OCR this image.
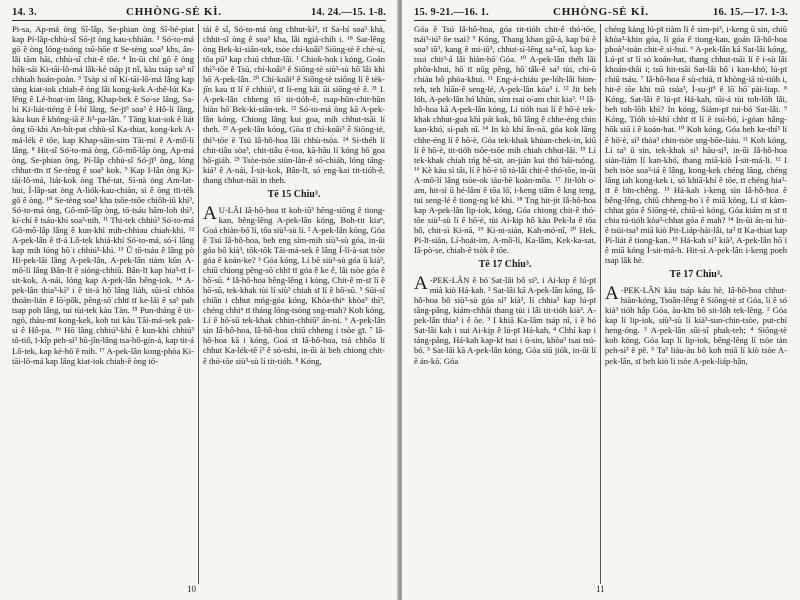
14. 3.	CHHÒNG-SÈ KÌ.	14. 24.—15. 1-8.

Pi-sa, Ap-má òng Sî-lâp, Se-phian òng Sî-bé-piat kap Pí-lâp-chhù-sî Só-jī òng kau-chhiàn. ³ Só͘-to-má gō͘ ê òng lóng-tsóng tsū-hōe tī Se-tèng soa³ khs, ân-lâi tām hāi, chhù-sî chit-ê tōe. ⁴ In-ūi chí gō͘ ê òng hōk-sāi Ki-tāi-lô-má lâk-kè tsàp jī nî, kàu tsàp sa³ nî chhiah hoán-poàn. ⁵ Tsàp sì nî Ki-tāi-lô-má lâng kap tàng kiat-iok chiah-ê òng lâi kong-kek A-thê-lút Ka-lêng ê Lé-hoat-im lâng, Khap-bek ê So͘-se lâng, Sa-bí Ki-liát-tiéng ê Í-bí lâng, Se-jī³ soa³ ê Hô-lí lâng, kàu kun ê khóng-iā ê Ji³-pa-lân. ⁷ Tāng kiat-iok ê liát òng tō-khì An-bít-pat chhù-sî Ka-thiat, kong-kek A-má-lék ê tōe, kap Khap-sâin-sim Tāi-mí ê A-mô͘-lí lâng. ⁸ Hit-sî Só͘-to-má òng, Gô-mô͘-lâp òng, Ap-má òng, Se-phian òng, Pí-lâp chhù-sî Só-jī³ òng, lóng chhut-tīn tī Se-tèng ê soa³ kok. ⁹ Kap I-lân òng Ki-tāi-lô-má, liát-kok òng Thé-tat, Sì-nà òng Am-lat-hui, Í-lâp-sat òng A-liók-kau-chiàn, sì ê òng tīi-tèk gō͘ ê òng. ¹⁰ Se-tèng soa³ kha tsōe-tsōe chiōh-iû khì³, Só͘-to-má òng, Gô-mô͘-lâp òng, tō-tsáu hām-loh thì³, kí-chí ê tsáu-khì soa³-nih. ¹¹ Thi-tek chhiú³ Só͘-to-má Gô-mô͘-lâp lâng ê kun-khì mih-chhiau chiah-khì. ¹² A-pek-lân ê tī-á Lô-tek khiá-khí Só͘-to-má, só͘-í lâng kap mih lóng hō͘ i chhiú³-khì. ¹³ Ū tō-tsáu ê lâng pò Hi-pek-lâi lâng A-pek-lân, A-pek-lân tiàm kūn A-mô͘-lí lâng Bân-lī ê sióng-chhiū. Bân-lī kap hia³-tī I-sit-kok, A-nái, lóng kap A-pek-lân bêng-iok. ¹⁴ A-pek-lân thia³-kì³ i ê tit-á hō͘ lâng liàh, sūi-sî chhōa thoàn-lián ê lō͘-pōk, pêng-sō͘ chhī tī ke-lāi ê sa³ pah tsap poh lâng, tui tùi-tek kàu Tàn. ¹⁵ Pun-tháng ê tit-ngó͘, thàu-mī kong-kek, koh tui kàu Tāi-má-sek pak-sì ê Hô-pa. ¹⁶ Hō͘ lâng chhiú³-khì ê kun-khì chhiú³ tō-tiô, ī-kîp peh-sì³ hū-jîn-lâng tsa-bō-gín-á, kap tit-á Lô-tek, kap kè-hō͘ ê mih. ¹⁷ A-pek-lân kong-phòa Ki-tāi-lô-má kap lâng kiat-iok chiah-ê òng tō-

tái ê sî, Só͘-to-má òng chhut-kì³, tī Sa-bí soa³ khà, chhit-sî òng ê soa³ kha, lâi ngiá-chih i. ¹⁸ Sat-lêng òng Bek-ki-siān-tek, tsòe chí-koâi³ Siōng-tè ê chè-sì, tōa pū³ kap chiú chhut-lâi. ¹ Chiok-hok i kóng, Goán thì³-tōe ê Tsú, chí-koâi³ ê Siōng-tè siù³-sù hō͘ lâi khì hō͘ A-pek-lân. ²⁰ Chí-koâi³ ê Siōng-tè tsiōng lí ê tèk-jîn kau tī lí ê chhiú³, tī lí-eng kāi ūi siōng-tè ê. ²¹ I. A-pek-lân chheng tō͘ tit-tióh-ê, tsap-hūn-chit-hūn hiàn hō͘ Bek-ki-siān-tek. ²² Só͘-to-má òng kā A-pek-lân kóng, Chiong lâng kui goa, mih chhut-tsāi lí theh. ²³ A-pek-lân kóng, Gōa tī chì-koâi³ ê Siōng-tè, thì³-tōe ê Tsú Iâ-hô-hoa lâi chhù-tsòa. ²⁴ Si-théh lí chit-tiâu sòa³, chit-tiâu ē-toa, kā-hāu lí kóng hō͘ goa hō͘-giáh. ²⁵ Tsòe-tsòe siùn-làn-ê só͘-chiáh, lóng tāng-kiá³ ê A-nái, Í-sit-kok, Bân-lī, só͘ eng-kai tit-tióh-ê, thang chhut-tsāi in theh.

Tē 15 Chiu³.

A U-LÂI Iâ-hô-hoa tī koh-iû³ hêng-siōng ê tiong-kan, bêng-lêng A-pek-lân kóng, Boh-tit kiaⁿ, Goá chiàn-bó͘ lí, tōa siù³-sù lí. ² A-pek-lân kóng, Góa ê Tsú Iâ-hô-hoa, beh eng sím-mih siù³-sù góa, in-ūi góa bô kià³, tōk-tōk Tāi-má-sek ê lâng Í-lí-à-sat tsòe góa ê koán-ke? ³ Góa kóng, Lí bē siù³-sù góa ū kià³, chiū chiong pêng-sō͘ chhī tī góa ê ke ê, lâi tsòe góa ê hō͘-sū. ⁴ Iâ-hô-hoa bêng-lêng i kóng, Chit-ê m-sī lí ê hō͘-sū, tek-khak tùi lí siù³ chiah sī lí ê hō͘-sū. ⁵ Sūi-sî chiân i chhut mńg-góa kóng, Khòa-thiⁿ khòa³ thì³, chéng chhiⁿ tī tháng lóng-tsóng sng-mah? Koh kóng, Lí ê hō͘-sū tek-khak chhin-chhiū³ án-ni. ⁶ A-pek-lân sìn Iâ-hô-hoa, Iâ-hô-hoa chiū chheng i tsòe gī. ⁷ Iâ-hô-hoa kā i kóng, Goá sī Iâ-hô-hoa, tsá chhōa lí chhut Ka-lék-tē í³ ê só͘-tshi, in-ūi ài beh chiong chit-ê thó͘-tōe siù³-sù lí tit-tióh. ⁸ Kóng,

10
15. 9-21.—16. 1.	CHHÒNG-SÈ KÌ.	16. 15.—17. 1-3.

Góa ê Tsú Iâ-hô-hoa, góa tit-tióh chit-ê thó͘-tōe, tsái³-iú³ ōe tsai? ⁹ Kóng, Thang khan gū-á, kap bú ê soa³ iû³, kang ê mi-iû³, chhut-sì-lêng sa³-nî, kap ka-tsui chit³-á lâi hiàn-hō͘ Góa. ¹⁰ A-pek-lân théh lâi phòa-khui, hō͘ tī nūg pêng, hō͘ tâk-ê sa³ tùi, chí-ū chiáu bô phòa-khui. ¹¹ Eng-á-chiáu pe-lóh-lâi hion-teh, teh hiān-ê seng-lé, A-pek-lân kóa³ i. ¹² Jit beh lóh, A-pek-lân hó͘ khùn, sím tsai o͘-am chit kia³. ¹³ Iâ-hô-hoa kā A-pek-lân kóng, Lí tióh tsai lí ê hō͘-è tek-khak chhut-goa khì pát kok, hō͘ lâng ê chhe-éng chin kan-khó͘, sì-pah nî. ¹⁴ In kò khí ân-ná, góa kok lâng chhe-éng lí ê hō͘-è, Góa tek-khak khùan-chek-in, kiû lí ê hō͘-è, tit-tióh tsōe-tsōe mih chiah chhut-lâi. ¹⁵ Lí tek-khak chiah tńg hê-sit, an-jiàn kui thó͘ bái-tsóng. ¹⁶ Kè kàu sì tāi, lí ê hō͘-è tō tò-lâi chit-ê thó͘-tōe, in-ūi A-mô͘-lí lâng tsòe-ok iáu-bē koàn-môa. ¹⁷ Jit-lóh o͘-am, hit-sì ū hé-lâm ê tōa lō͘, i-keng tiâm ê kng teng, tui seng-lé ê tiong-ng kè khì. ¹⁸ Tng hit-jit Iâ-hô-hoa kap A-pek-lân lip-iok, kóng, Góa chiong chit-ê thó͘-tōe siù³-sù lí ê hō͘-è, tùi Ai-kip hô kàu Pek-la ê tōa hô, chit-sì Ki-nā, ¹⁹ Ki-ni-sián, Kah-mó͘-nî, ²⁰ Hek, Pí-lī-sián, Lí-hoát-im, A-mô͘-lí, Ka-lâm, Kek-ka-sat, Iâ-pò͘-se, chiah-ê tsòk ê tōe.

Tē 17 Chiu³.

A -PEK-LÂN ê bó͘ Sat-lâi bô si³, i Ai-kip ê lú-pī mià kiò Há-kah. ² Sat-lâi kā A-pek-lân kóng, Iâ-hô-hoa bô siù³-sù góa sì³ kià³, lí chhia³ kap lú-pī tâng-pâng, kiám-chhái thang tùi i lâi tit-tióh kià³. A-pek-lân thia³ i ê ōe. ³ I khiā Ka-lâm tsáp nî, i ê bó͘ Sat-lâi kah i sui Ai-kip ê lú-pī Há-kah, ⁴ Chhí kap i táng-pâng, Há-kah kap-kī tsai i ū-sin, khòa³ tsai tsú-bó͘. ⁵ Sat-lâi kā A-pek-lân kóng, Góa siū jiók, in-ūi lí ê án-kò͘. Góa

chéng kàng lú-pī tiàm lí ê sim-pi³, i-keng ū sin, chiū khòa³-khin góa, lí góa ê tiong-kan, goán Iâ-hô-hoa phoà³-toàn chit-ê si-hui. ⁶ A-pek-lân kā Sat-lâi kóng, Lú-pī sī lí só͘ koán-hat, thang chhut-tsāi lí ê i-sù lâi khoán-thāi i; tsū hit-tsāi Sat-lâi bô͘ i kan-khó͘, lú-pī chiū tsáu. ⁷ Iâ-hô-hoa ê sù-chià, tī khòng-iā tú-tióh i, hit-ê tōe khi tsū tsúa³, Í-su-jī³ ê lō͘ hō͘ pài-liap. ⁸ Kóng, Sat-lâi ê lú-pī Há-kah, tūi-á tùi toh-lōh lâi, beh toh-lōh khì? In kóng, Siám-pī tui-bó͘ Sat-lâi. ⁹ Kóng, Tióh tò-khì chhī tī lí ê tsú-bó͘, ì-góan hâng-hōk siū i ê koán-hat. ¹⁰ Koh kóng, Góa beh ke-thí³ lí ê hō͘-è, sì³ thòa³ chin-tsòe sng-bōe-liáu. ¹¹ Koh kóng, Lí ta³ ū sin, tek-khak si³ hāu-si³, in-ūi Iâ-hô-hoa siàn-liám lí kan-khó͘, thang miā-kiò Í-sit-má-li. ¹² I beh tsòe soa³-iá ê lâng, kong-kek chéng lâng, chéng lâng iah kong-kek i, só͘ khiā-khí ê tōe, tī chéng hia³-tī ê bīn-chêng. ¹³ Há-kah i-keng sìn Iâ-hô-hoa ê bêng-lêng, chiū chheng-ho͘ i ê miā kóng, Lí sī kàm-chhat góa ê Siōng-tè, chiū-sì kóng, Góa kiám m sī tī chia tú-tióh kòa³-chhat góa ê mah? ¹⁴ In-ūi án-ni hit-ê tsúi-tsa³ miā kiò Pit-Liáp-hái-lâi, ta³ tī Ka-thiat kap Pí-liát ê tiong-kan. ¹⁵ Há-kah si³ kià³, A-pek-lân hō͘ i ê miā kóng Í-sit-má-h. Hit-sì A-pek-lân i-keng poeh tsap lâk hè.

Tē 17 Chiu³.

A -PEK-LÂN kàu tsáp káu hè, Iâ-hô-hoa chhut-hiān-kóng, Tsoân-lêng ê Siōng-tè sī Góa, lí ê só͘ kià³ tióh hâp Góa, àu-kīn bô sit-lóh tek-lêng. ² Góa kap lí lip-iok, siù³-sù lí kià³-sun-chin-tsòe, put-chí heng-óng. ³ A-pek-lân sūi-sî phak-teh; ⁴ Siōng-tè koh kóng, Góa kap lí lip-iok, bêng-lêng lí tsòe tàn peh-sì³ ê pē. ⁵ Ta³ liáu-àu bô koh miā lí kiò tsòe A-pek-lân, sī beh kiò lí tsòe A-pek-liáp-hân,

11
